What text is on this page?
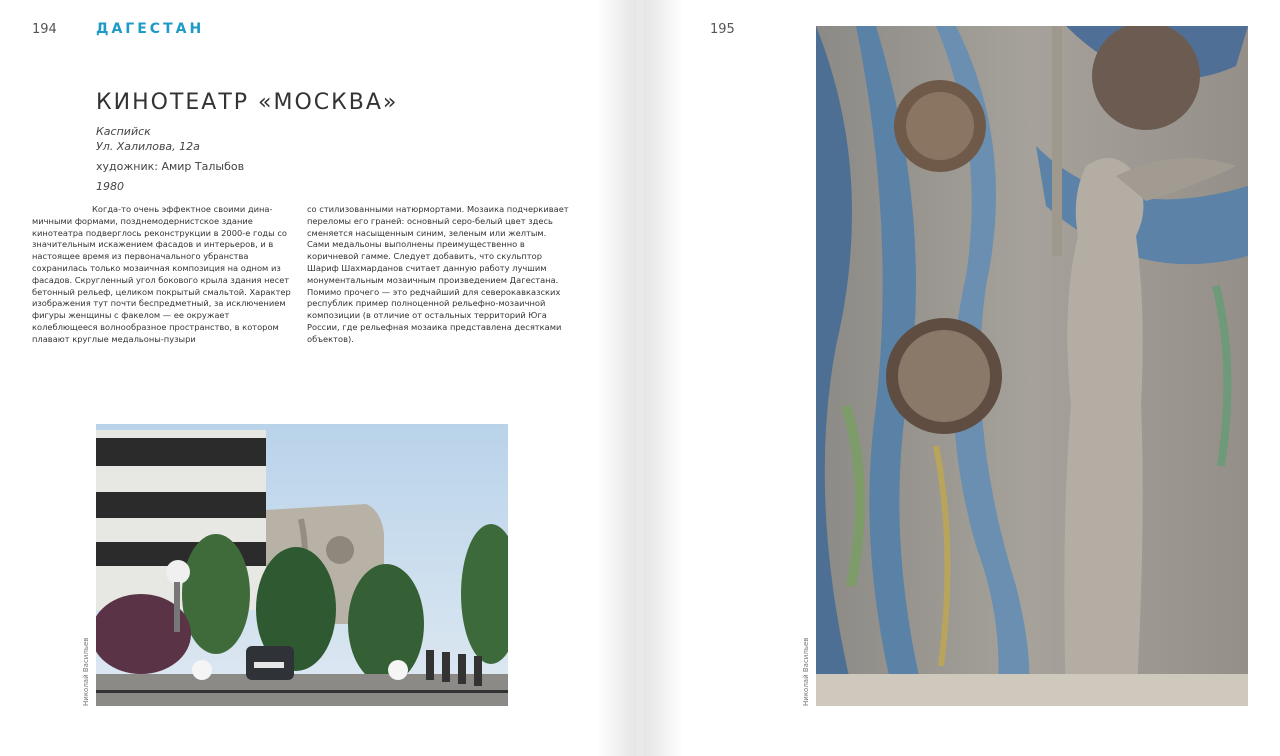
194	ДАГЕСТАН
КИНОТЕАТР «МОСКВА»
Каспийск
Ул. Халилова, 12а
художник: Амир Талыбов
1980
Когда-то очень эффектное своими динамичными формами, позднемодернистское здание кинотеатра подверглось реконструкции в 2000-е годы со значительным искажением фасадов и интерьеров, и в настоящее время из первоначального убранства сохранилась только мозаичная композиция на одном из фасадов. Скругленный угол бокового крыла здания несет бетонный рельеф, целиком покрытый смальтой. Характер изображения тут почти беспредметный, за исключением фигуры женщины с факелом — ее окружает колеблющееся волнообразное пространство, в котором плавают круглые медальоны-пузыри
со стилизованными натюрмортами. Мозаика подчеркивает переломы его граней: основный серо-белый цвет здесь сменяется насыщенным синим, зеленым или желтым. Сами медальоны выполнены преимущественно в коричневой гамме. Следует добавить, что скульптор Шариф Шахмарданов считает данную работу лучшим монументальным мозаичным произведением Дагестана. Помимо прочего — это редчайший для северокавказских республик пример полноценной рельефно-мозаичной композиции (в отличие от остальных территорий Юга России, где рельефная мозаика представлена десятками объектов).
Николай Васильев
195
Николай Васильев
